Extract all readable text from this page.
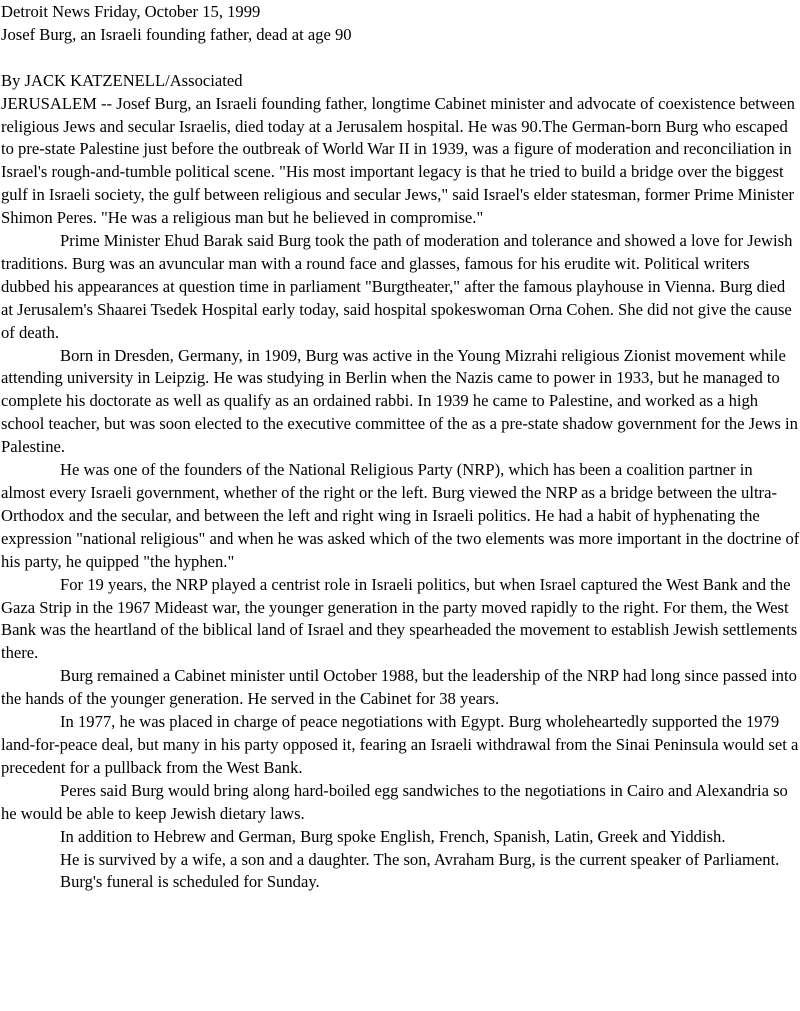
Detroit News Friday, October 15, 1999
Josef Burg, an Israeli founding father, dead at age 90
By JACK KATZENELL/Associated

JERUSALEM -- Josef Burg, an Israeli founding father, longtime Cabinet minister and advocate of coexistence between religious Jews and secular Israelis, died today at a Jerusalem hospital. He was 90.The German-born Burg who escaped to pre-state Palestine just before the outbreak of World War II in 1939, was a figure of moderation and reconciliation in Israel's rough-and-tumble political scene. "His most important legacy is that he tried to build a bridge over the biggest gulf in Israeli society, the gulf between religious and secular Jews," said Israel's elder statesman, former Prime Minister Shimon Peres. "He was a religious man but he believed in compromise."

Prime Minister Ehud Barak said Burg took the path of moderation and tolerance and showed a love for Jewish traditions. Burg was an avuncular man with a round face and glasses, famous for his erudite wit. Political writers dubbed his appearances at question time in parliament "Burgtheater," after the famous playhouse in Vienna. Burg died at Jerusalem's Shaarei Tsedek Hospital early today, said hospital spokeswoman Orna Cohen. She did not give the cause of death.

Born in Dresden, Germany, in 1909, Burg was active in the Young Mizrahi religious Zionist movement while attending university in Leipzig. He was studying in Berlin when the Nazis came to power in 1933, but he managed to complete his doctorate as well as qualify as an ordained rabbi. In 1939 he came to Palestine, and worked as a high school teacher, but was soon elected to the executive committee of the as a pre-state shadow government for the Jews in Palestine.

He was one of the founders of the National Religious Party (NRP), which has been a coalition partner in almost every Israeli government, whether of the right or the left. Burg viewed the NRP as a bridge between the ultra-Orthodox and the secular, and between the left and right wing in Israeli politics. He had a habit of hyphenating the expression "national religious" and when he was asked which of the two elements was more important in the doctrine of his party, he quipped "the hyphen."

For 19 years, the NRP played a centrist role in Israeli politics, but when Israel captured the West Bank and the Gaza Strip in the 1967 Mideast war, the younger generation in the party moved rapidly to the right. For them, the West Bank was the heartland of the biblical land of Israel and they spearheaded the movement to establish Jewish settlements there.

Burg remained a Cabinet minister until October 1988, but the leadership of the NRP had long since passed into the hands of the younger generation. He served in the Cabinet for 38 years.

In 1977, he was placed in charge of peace negotiations with Egypt. Burg wholeheartedly supported the 1979 land-for-peace deal, but many in his party opposed it, fearing an Israeli withdrawal from the Sinai Peninsula would set a precedent for a pullback from the West Bank.

Peres said Burg would bring along hard-boiled egg sandwiches to the negotiations in Cairo and Alexandria so he would be able to keep Jewish dietary laws.

In addition to Hebrew and German, Burg spoke English, French, Spanish, Latin, Greek and Yiddish.

He is survived by a wife, a son and a daughter. The son, Avraham Burg, is the current speaker of Parliament.

Burg's funeral is scheduled for Sunday.
